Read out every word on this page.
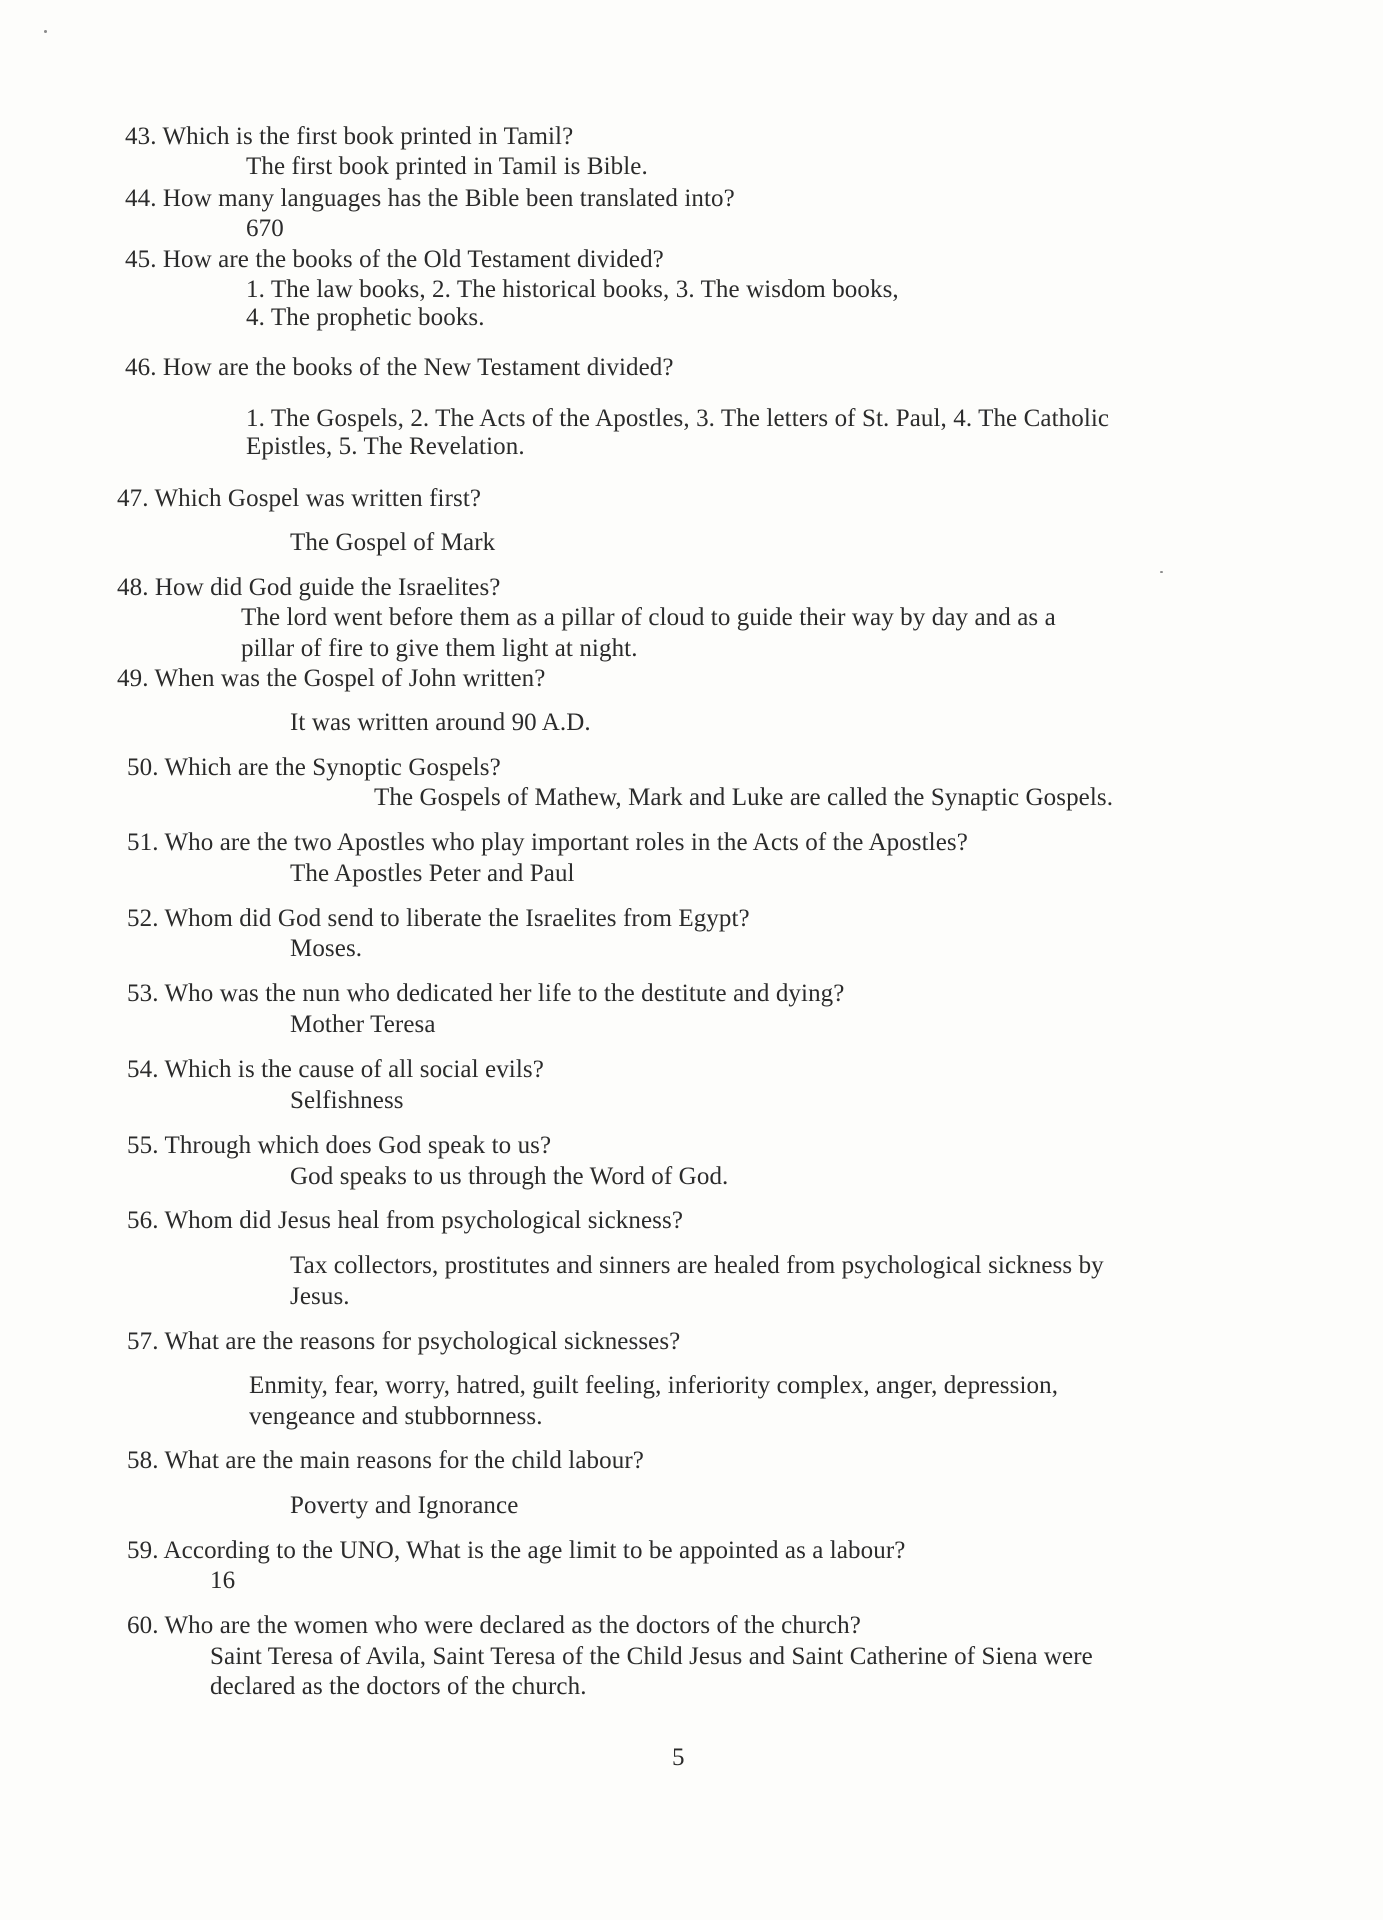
43. Which is the first book printed in Tamil?
The first book printed in Tamil is Bible.
44. How many languages has the Bible been translated into?
670
45. How are the books of the Old Testament divided?
1. The law books, 2. The historical books, 3. The wisdom books,
4. The prophetic books.
46. How are the books of the New Testament divided?
1. The Gospels, 2. The Acts of the Apostles, 3. The letters of St. Paul, 4. The Catholic
Epistles, 5. The Revelation.
47. Which Gospel was written first?
The Gospel of Mark
48. How did God guide the Israelites?
The lord went before them as a pillar of cloud to guide their way by day and as a
pillar of fire to give them light at night.
49. When was the Gospel of John written?
It was written around 90 A.D.
50. Which are the Synoptic Gospels?
The Gospels of Mathew, Mark and Luke are called the Synaptic Gospels.
51. Who are the two Apostles who play important roles in the Acts of the Apostles?
The Apostles Peter and Paul
52. Whom did God send to liberate the Israelites from Egypt?
Moses.
53. Who was the nun who dedicated her life to the destitute and dying?
Mother Teresa
54. Which is the cause of all social evils?
Selfishness
55. Through which does God speak to us?
God speaks to us through the Word of God.
56. Whom did Jesus heal from psychological sickness?
Tax collectors, prostitutes and sinners are healed from psychological sickness by
Jesus.
57. What are the reasons for psychological sicknesses?
Enmity, fear, worry, hatred, guilt feeling, inferiority complex, anger, depression,
vengeance and stubbornness.
58. What are the main reasons for the child labour?
Poverty and Ignorance
59. According to the UNO, What is the age limit to be appointed as a labour?
16
60. Who are the women who were declared as the doctors of the church?
Saint Teresa of Avila, Saint Teresa of the Child Jesus and Saint Catherine of Siena were
declared as the doctors of the church.
5
